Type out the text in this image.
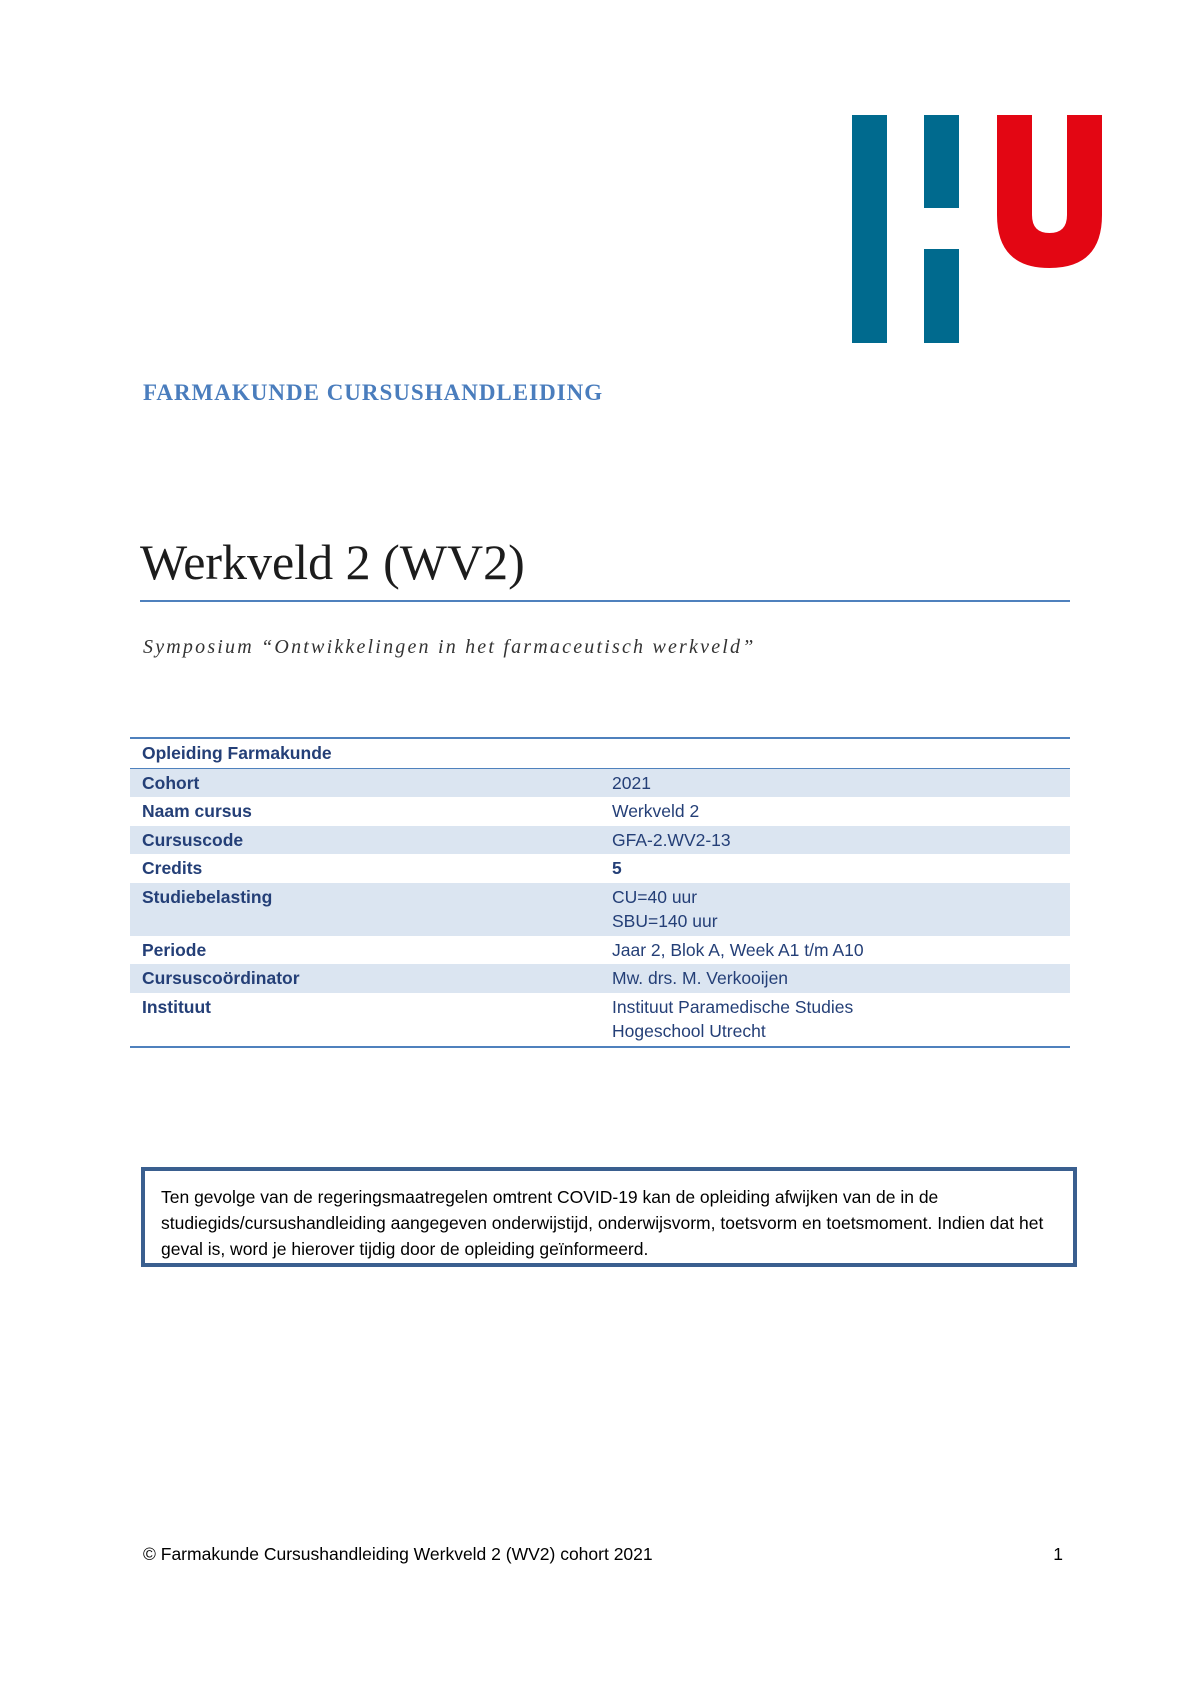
FARMAKUNDE CURSUSHANDLEIDING
Werkveld 2 (WV2)

Symposium “Ontwikkelingen in het farmaceutisch werkveld”

Opleiding Farmakunde	
Cohort	2021

Naam cursus	Werkveld 2

Cursuscode	GFA-2.WV2-13

Credits	5

Studiebelasting	CU=40 uur
SBU=140 uur

Periode	Jaar 2, Blok A, Week A1 t/m A10

Cursuscoördinator	Mw. drs. M. Verkooijen

Instituut	Instituut Paramedische Studies
Hogeschool Utrecht

Ten gevolge van de regeringsmaatregelen omtrent COVID-19 kan de opleiding afwijken van de in de studiegids/cursushandleiding aangegeven onderwijstijd, onderwijsvorm, toetsvorm en toetsmoment. Indien dat het geval is, word je hierover tijdig door de opleiding geïnformeerd.

© Farmakunde Cursushandleiding Werkveld 2 (WV2) cohort 2021	1
